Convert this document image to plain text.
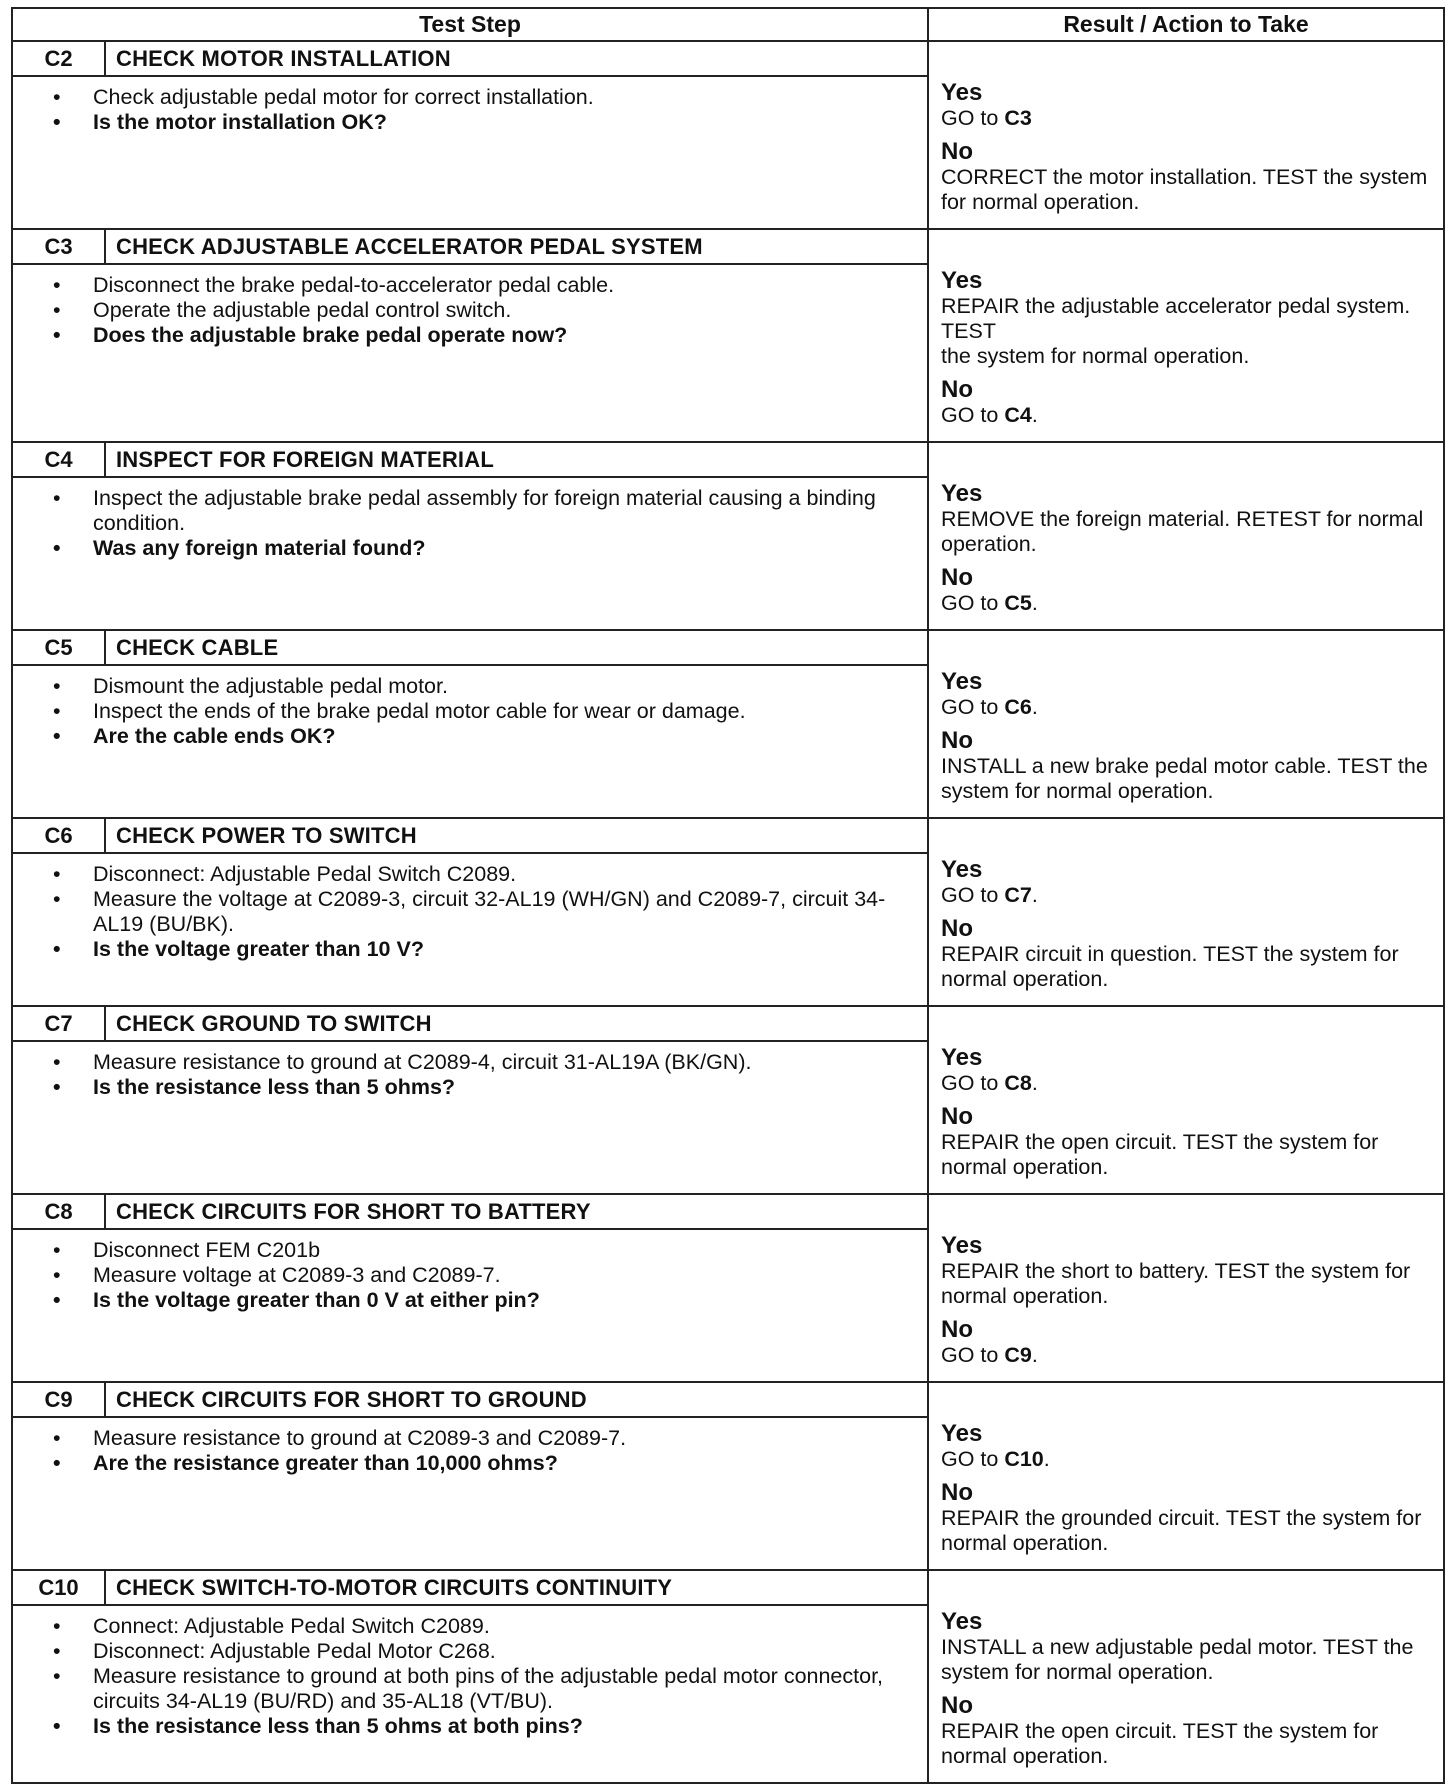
Test Step	Result / Action to Take
C2	CHECK MOTOR INSTALLATION
• Check adjustable pedal motor for correct installation.
• Is the motor installation OK?
Yes
GO to C3
No
CORRECT the motor installation. TEST the system for normal operation.
C3	CHECK ADJUSTABLE ACCELERATOR PEDAL SYSTEM
• Disconnect the brake pedal-to-accelerator pedal cable.
• Operate the adjustable pedal control switch.
• Does the adjustable brake pedal operate now?
Yes
REPAIR the adjustable accelerator pedal system. TEST
the system for normal operation.
No
GO to C4.
C4	INSPECT FOR FOREIGN MATERIAL
• Inspect the adjustable brake pedal assembly for foreign material causing a binding condition.
• Was any foreign material found?
Yes
REMOVE the foreign material. RETEST for normal operation.
No
GO to C5.
C5	CHECK CABLE
• Dismount the adjustable pedal motor.
• Inspect the ends of the brake pedal motor cable for wear or damage.
• Are the cable ends OK?
Yes
GO to C6.
No
INSTALL a new brake pedal motor cable. TEST the system for normal operation.
C6	CHECK POWER TO SWITCH
• Disconnect: Adjustable Pedal Switch C2089.
• Measure the voltage at C2089-3, circuit 32-AL19 (WH/GN) and C2089-7, circuit 34-AL19 (BU/BK).
• Is the voltage greater than 10 V?
Yes
GO to C7.
No
REPAIR circuit in question. TEST the system for normal operation.
C7	CHECK GROUND TO SWITCH
• Measure resistance to ground at C2089-4, circuit 31-AL19A (BK/GN).
• Is the resistance less than 5 ohms?
Yes
GO to C8.
No
REPAIR the open circuit. TEST the system for normal operation.
C8	CHECK CIRCUITS FOR SHORT TO BATTERY
• Disconnect FEM C201b
• Measure voltage at C2089-3 and C2089-7.
• Is the voltage greater than 0 V at either pin?
Yes
REPAIR the short to battery. TEST the system for normal operation.
No
GO to C9.
C9	CHECK CIRCUITS FOR SHORT TO GROUND
• Measure resistance to ground at C2089-3 and C2089-7.
• Are the resistance greater than 10,000 ohms?
Yes
GO to C10.
No
REPAIR the grounded circuit. TEST the system for normal operation.
C10	CHECK SWITCH-TO-MOTOR CIRCUITS CONTINUITY
• Connect: Adjustable Pedal Switch C2089.
• Disconnect: Adjustable Pedal Motor C268.
• Measure resistance to ground at both pins of the adjustable pedal motor connector, circuits 34-AL19 (BU/RD) and 35-AL18 (VT/BU).
• Is the resistance less than 5 ohms at both pins?
Yes
INSTALL a new adjustable pedal motor. TEST the system for normal operation.
No
REPAIR the open circuit. TEST the system for normal operation.
